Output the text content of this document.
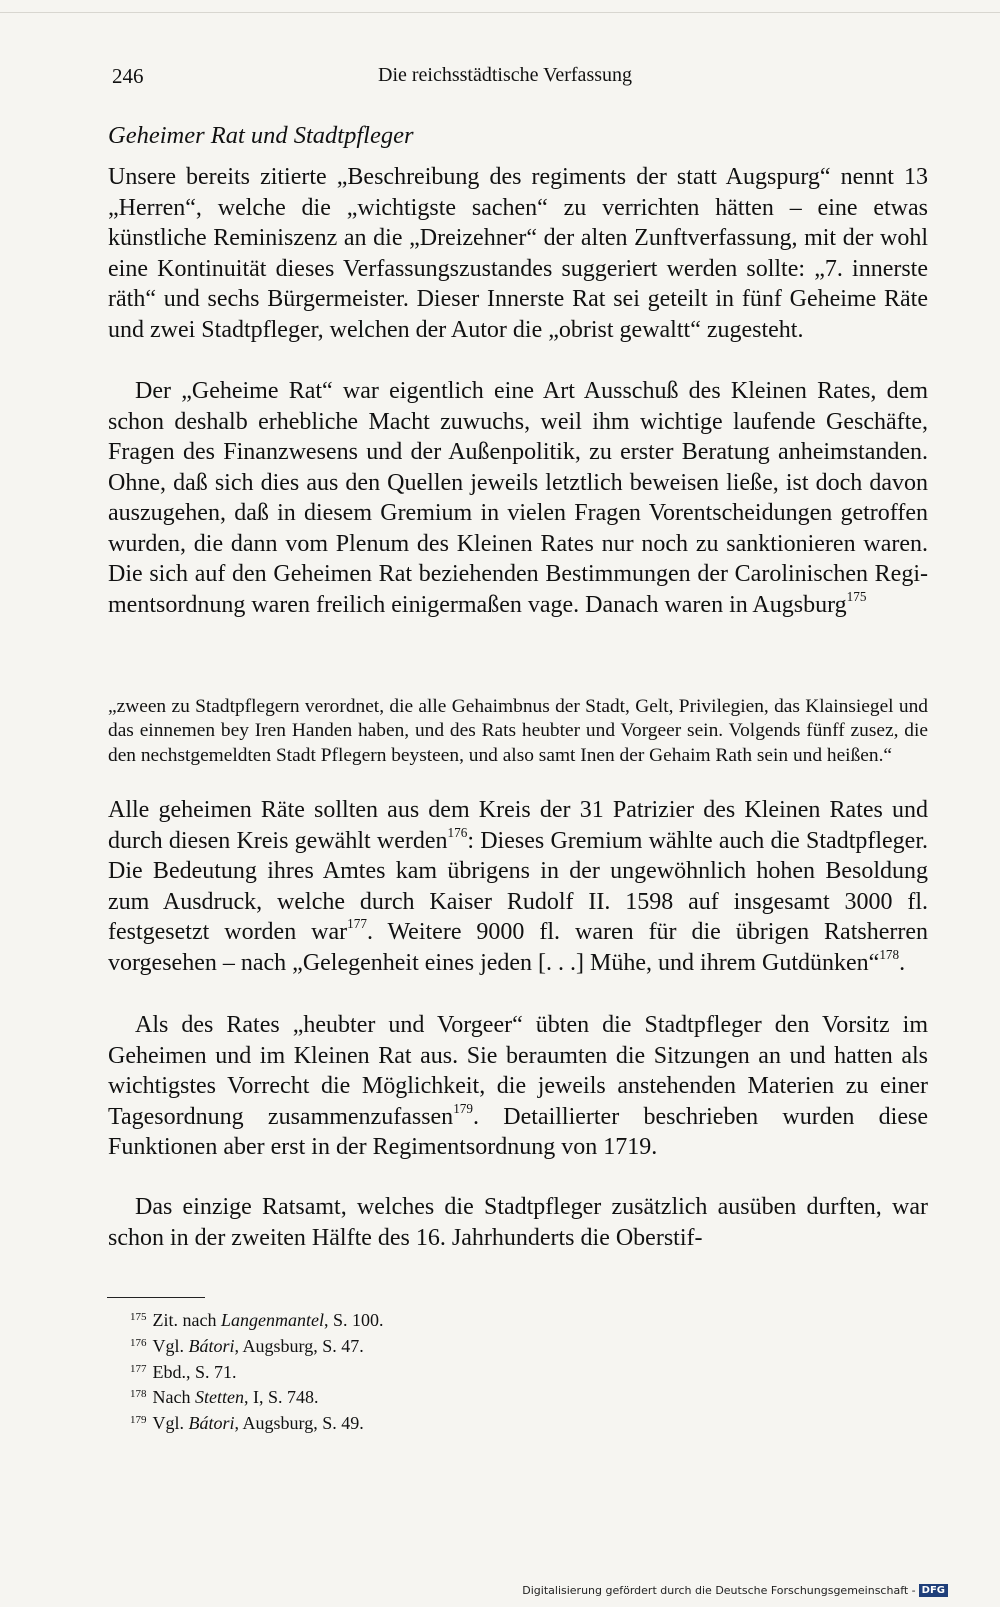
246	Die reichsstädtische Verfassung
Geheimer Rat und Stadtpfleger

Unsere bereits zitierte „Beschreibung des regiments der statt Augspurg“ nennt 13 „Herren“, welche die „wichtigste sachen“ zu verrichten hätten – eine etwas künstliche Reminiszenz an die „Dreizehner“ der alten Zunftverfassung, mit der wohl eine Kontinuität dieses Verfassungszustandes suggeriert werden sollte: „7. innerste räth“ und sechs Bürgermeister. Dieser Innerste Rat sei geteilt in fünf Geheime Räte und zwei Stadtpfleger, welchen der Autor die „obrist gewaltt“ zugesteht.

Der „Geheime Rat“ war eigentlich eine Art Ausschuß des Kleinen Rates, dem schon deshalb erhebliche Macht zuwuchs, weil ihm wichtige laufende Geschäfte, Fragen des Finanzwesens und der Außenpolitik, zu erster Beratung anheimstanden. Ohne, daß sich dies aus den Quellen jeweils letztlich beweisen ließe, ist doch davon auszugehen, daß in diesem Gremium in vielen Fragen Vorentscheidungen getroffen wurden, die dann vom Plenum des Kleinen Rates nur noch zu sanktionieren waren. Die sich auf den Geheimen Rat beziehenden Bestimmungen der Carolinischen Regimentsordnung waren freilich einigermaßen vage. Danach waren in Augsburg$^{175}$

„zween zu Stadtpflegern verordnet, die alle Gehaimbnus der Stadt, Gelt, Privilegien, das Klainsiegel und das einnemen bey Iren Handen haben, und des Rats heubter und Vorgeer sein. Volgends fünff zusez, die den nechstgemeldten Stadt Pflegern beysteen, und also samt Inen der Gehaim Rath sein und heißen.“

Alle geheimen Räte sollten aus dem Kreis der 31 Patrizier des Kleinen Rates und durch diesen Kreis gewählt werden$^{176}$: Dieses Gremium wählte auch die Stadtpfleger. Die Bedeutung ihres Amtes kam übrigens in der ungewöhnlich hohen Besoldung zum Ausdruck, welche durch Kaiser Rudolf II. 1598 auf insgesamt 3000 fl. festgesetzt worden war$^{177}$. Weitere 9000 fl. waren für die übrigen Ratsherren vorgesehen – nach „Gelegenheit eines jeden [. . .] Mühe, und ihrem Gutdünken“$^{178}$.

Als des Rates „heubter und Vorgeer“ übten die Stadtpfleger den Vorsitz im Geheimen und im Kleinen Rat aus. Sie beraumten die Sitzungen an und hatten als wichtigstes Vorrecht die Möglichkeit, die jeweils anstehenden Materien zu einer Tagesordnung zusammenzufassen$^{179}$. Detaillierter beschrieben wurden diese Funktionen aber erst in der Regimentsordnung von 1719.

Das einzige Ratsamt, welches die Stadtpfleger zusätzlich ausüben durften, war schon in der zweiten Hälfte des 16. Jahrhunderts die Oberstif-

$^{175}$ Zit. nach Langenmantel, S. 100.
$^{176}$ Vgl. Bátori, Augsburg, S. 47.
$^{177}$ Ebd., S. 71.
$^{178}$ Nach Stetten, I, S. 748.
$^{179}$ Vgl. Bátori, Augsburg, S. 49.
Digitalisierung gefördert durch die Deutsche Forschungsgemeinschaft - DFG
